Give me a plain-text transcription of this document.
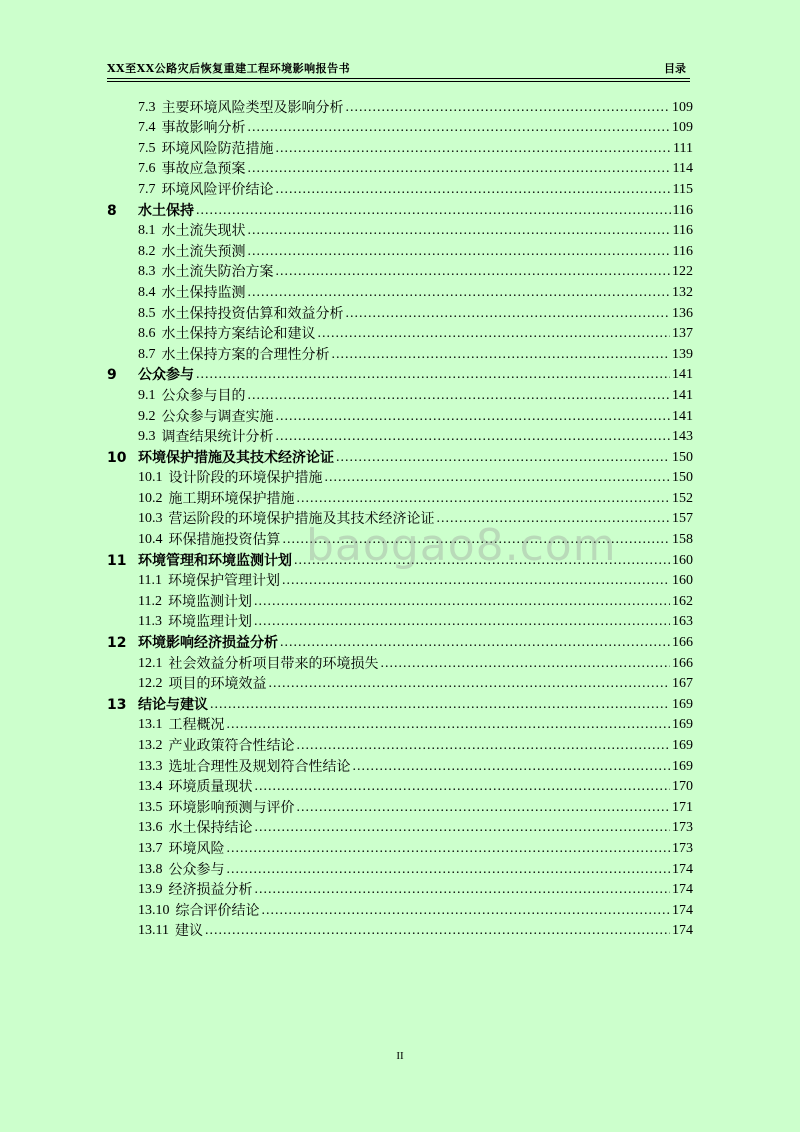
XX至XX公路灾后恢复重建工程环境影响报告书	目录
7.3 主要环境风险类型及影响分析 .....	109
7.4 事故影响分析 .....	109
7.5 环境风险防范措施 .....	111
7.6 事故应急预案 .....	114
7.7 环境风险评价结论 .....	115
8	水土保持 .....	116
8.1 水土流失现状 .....	116
8.2 水土流失预测 .....	116
8.3 水土流失防治方案 .....	122
8.4 水土保持监测 .....	132
8.5 水土保持投资估算和效益分析 .....	136
8.6 水土保持方案结论和建议 .....	137
8.7 水土保持方案的合理性分析 .....	139
9	公众参与 .....	141
9.1 公众参与目的 .....	141
9.2 公众参与调查实施 .....	141
9.3 调查结果统计分析 .....	143
10 环境保护措施及其技术经济论证 .....	150
10.1 设计阶段的环境保护措施 .....	150
10.2 施工期环境保护措施 .....	152
10.3 营运阶段的环境保护措施及其技术经济论证 .....	157
10.4 环保措施投资估算 .....	158
11 环境管理和环境监测计划 .....	160
11.1 环境保护管理计划 .....	160
11.2 环境监测计划 .....	162
11.3 环境监理计划 .....	163
12 环境影响经济损益分析 .....	166
12.1 社会效益分析项目带来的环境损失 .....	166
12.2 项目的环境效益 .....	167
13 结论与建议 .....	169
13.1 工程概况 .....	169
13.2 产业政策符合性结论 .....	169
13.3 选址合理性及规划符合性结论 .....	169
13.4 环境质量现状 .....	170
13.5 环境影响预测与评价 .....	171
13.6 水土保持结论 .....	173
13.7 环境风险 .....	173
13.8 公众参与 .....	174
13.9 经济损益分析 .....	174
13.10 综合评价结论 .....	174
13.11 建议 .....	174
baogao8.com
II
